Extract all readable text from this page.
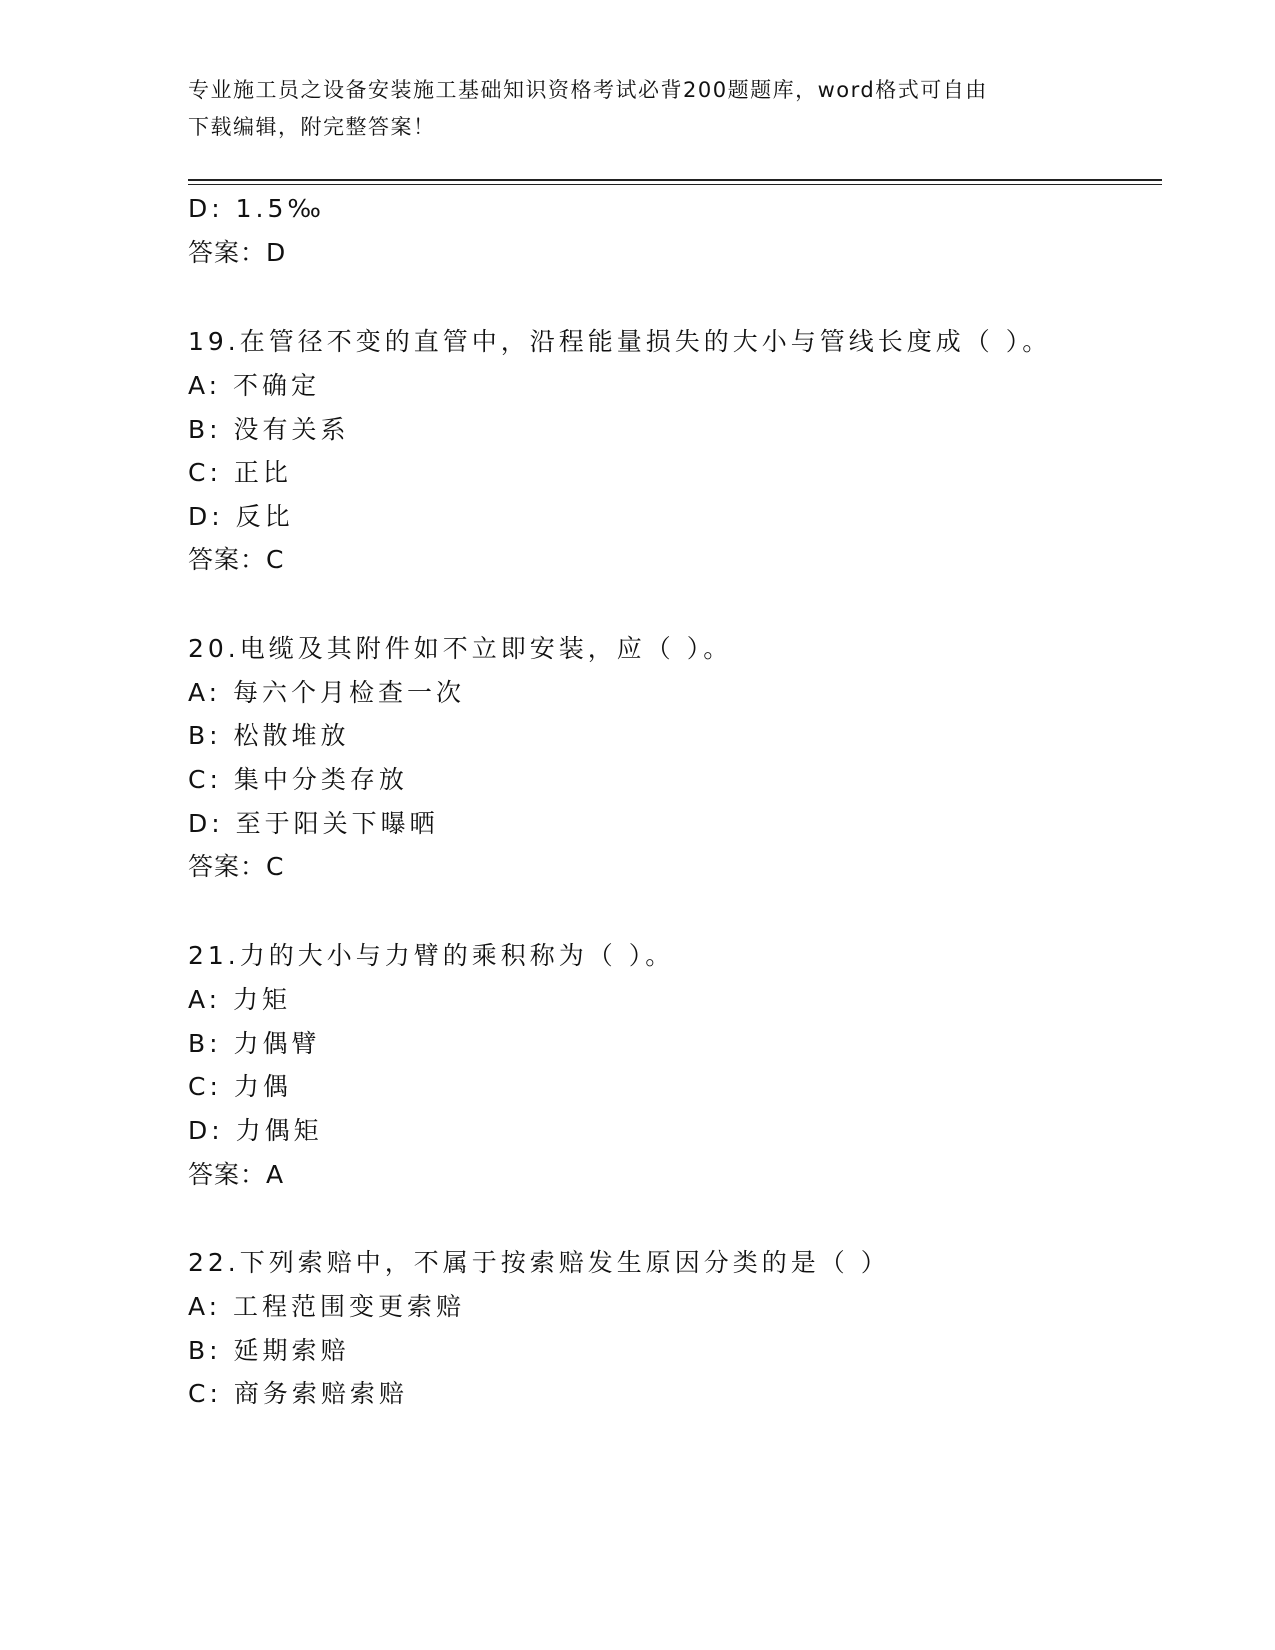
专业施工员之设备安装施工基础知识资格考试必背200题题库，word格式可自由
下载编辑，附完整答案！
D: 1.5‰
答案：D
19.在管径不变的直管中，沿程能量损失的大小与管线长度成（ ）。
A: 不确定
B: 没有关系
C: 正比
D: 反比
答案：C
20.电缆及其附件如不立即安装，应（ ）。
A: 每六个月检查一次
B: 松散堆放
C: 集中分类存放
D: 至于阳关下曝晒
答案：C
21.力的大小与力臂的乘积称为（ ）。
A: 力矩
B: 力偶臂
C: 力偶
D: 力偶矩
答案：A
22.下列索赔中，不属于按索赔发生原因分类的是（ ）
A: 工程范围变更索赔
B: 延期索赔
C: 商务索赔索赔
